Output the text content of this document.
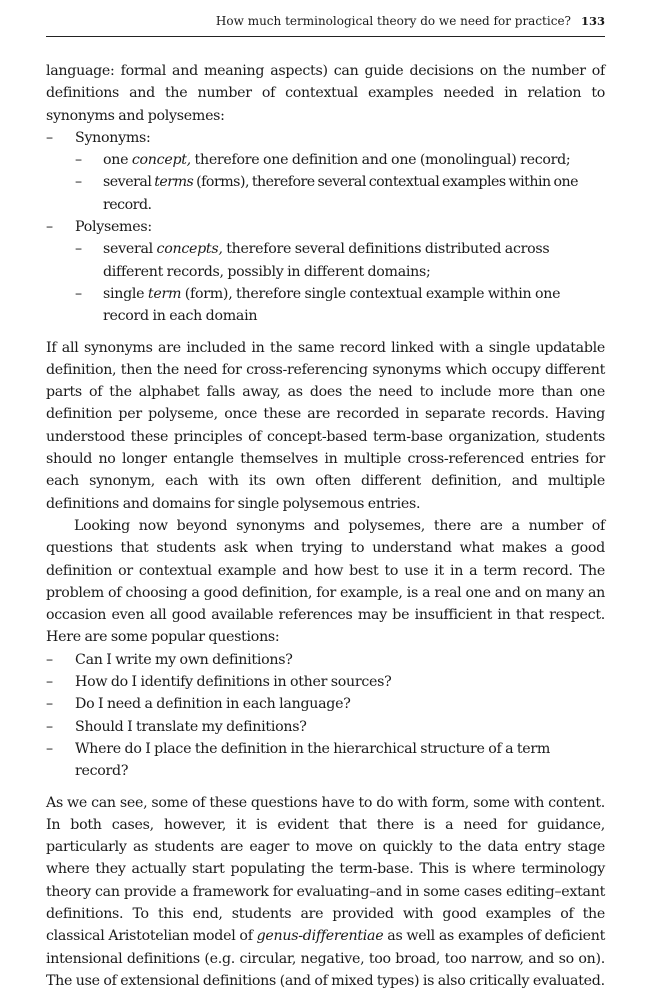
How much terminological theory do we need for practice? 133

language: formal and meaning aspects) can guide decisions on the number of definitions and the number of contextual examples needed in relation to synonyms and polysemes:

– Synonyms:
– one concept, therefore one definition and one (monolingual) record;
– several terms (forms), therefore several contextual examples within one record.
– Polysemes:
– several concepts, therefore several definitions distributed across different records, possibly in different domains;
– single term (form), therefore single contextual example within one record in each domain

If all synonyms are included in the same record linked with a single updatable definition, then the need for cross-referencing synonyms which occupy different parts of the alphabet falls away, as does the need to include more than one definition per polyseme, once these are recorded in separate records. Having understood these principles of concept-based term-base organization, students should no longer entangle themselves in multiple cross-referenced entries for each synonym, each with its own often different definition, and multiple definitions and domains for single polysemous entries.

Looking now beyond synonyms and polysemes, there are a number of questions that students ask when trying to understand what makes a good definition or contextual example and how best to use it in a term record. The problem of choosing a good definition, for example, is a real one and on many an occasion even all good available references may be insufficient in that respect. Here are some popular questions:

– Can I write my own definitions?
– How do I identify definitions in other sources?
– Do I need a definition in each language?
– Should I translate my definitions?
– Where do I place the definition in the hierarchical structure of a term record?

As we can see, some of these questions have to do with form, some with content. In both cases, however, it is evident that there is a need for guidance, particularly as students are eager to move on quickly to the data entry stage where they actually start populating the term-base. This is where terminology theory can provide a framework for evaluating–and in some cases editing–extant definitions. To this end, students are provided with good examples of the classical Aristotelian model of genus-differentiae as well as examples of deficient intensional definitions (e.g. circular, negative, too broad, too narrow, and so on). The use of extensional definitions (and of mixed types) is also critically evaluated.
